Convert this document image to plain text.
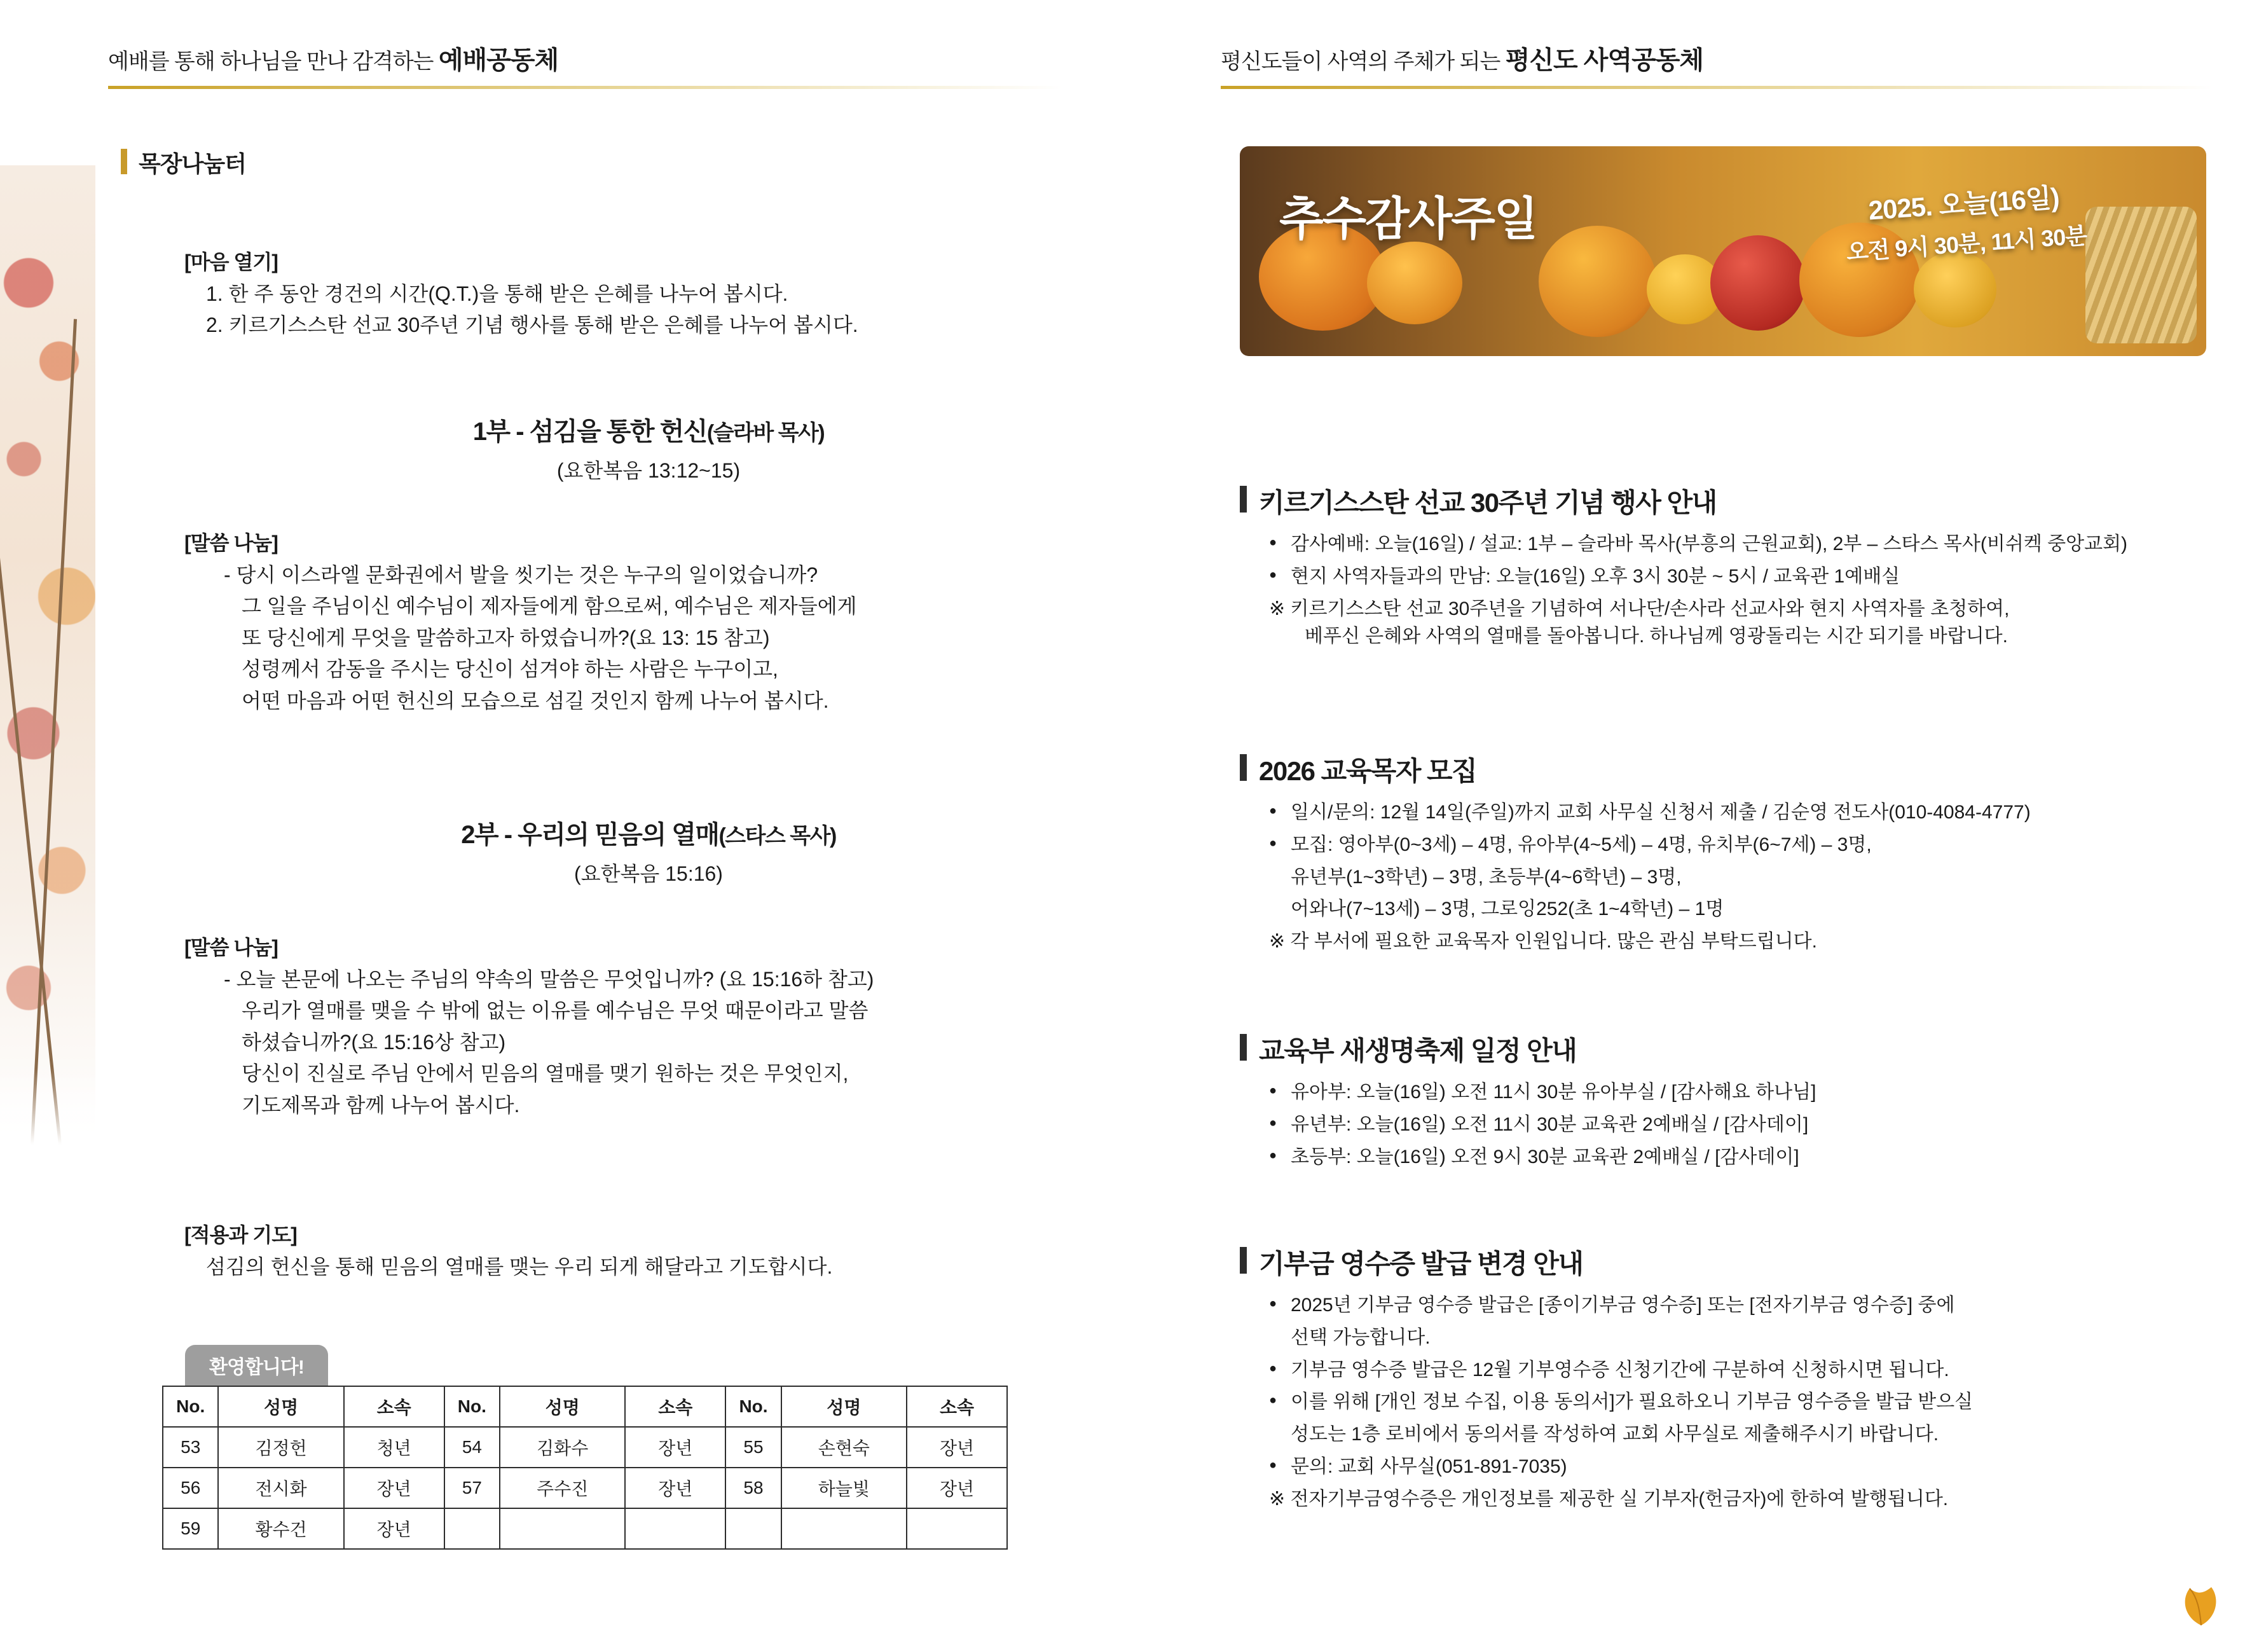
예배를 통해 하나님을 만나 감격하는 예배공동체
목장나눔터
[마음 열기]
1. 한 주 동안 경건의 시간(Q.T.)을 통해 받은 은혜를 나누어 봅시다.
2. 키르기스스탄 선교 30주년 기념 행사를 통해 받은 은혜를 나누어 봅시다.
1부 - 섬김을 통한 헌신(슬라바 목사)
(요한복음 13:12~15)
[말씀 나눔]
- 당시 이스라엘 문화권에서 발을 씻기는 것은 누구의 일이었습니까?
그 일을 주님이신 예수님이 제자들에게 함으로써, 예수님은 제자들에게
또 당신에게 무엇을 말씀하고자 하였습니까?(요 13: 15 참고)
성령께서 감동을 주시는 당신이 섬겨야 하는 사람은 누구이고,
어떤 마음과 어떤 헌신의 모습으로 섬길 것인지 함께 나누어 봅시다.
2부 - 우리의 믿음의 열매(스타스 목사)
(요한복음 15:16)
[말씀 나눔]
- 오늘 본문에 나오는 주님의 약속의 말씀은 무엇입니까? (요 15:16하 참고)
우리가 열매를 맺을 수 밖에 없는 이유를 예수님은 무엇 때문이라고 말씀
하셨습니까?(요 15:16상 참고)
당신이 진실로 주님 안에서 믿음의 열매를 맺기 원하는 것은 무엇인지,
기도제목과 함께 나누어 봅시다.
[적용과 기도]
섬김의 헌신을 통해 믿음의 열매를 맺는 우리 되게 해달라고 기도합시다.
환영합니다!
No.	성명	소속	No.	성명	소속	No.	성명	소속
53	김정헌	청년	54	김화수	장년	55	손현숙	장년
56	전시화	장년	57	주수진	장년	58	하늘빛	장년
59	황수건	장년						
평신도들이 사역의 주체가 되는 평신도 사역공동체
추수감사주일	2025. 오늘(16일)
오전 9시 30분, 11시 30분
키르기스스탄 선교 30주년 기념 행사 안내
● 감사예배: 오늘(16일) / 설교: 1부 – 슬라바 목사(부흥의 근원교회), 2부 – 스타스 목사(비쉬켁 중앙교회)
● 현지 사역자들과의 만남: 오늘(16일) 오후 3시 30분 ~ 5시 / 교육관 1예배실
※ 키르기스스탄 선교 30주년을 기념하여 서나단/손사라 선교사와 현지 사역자를 초청하여,
베푸신 은혜와 사역의 열매를 돌아봅니다. 하나님께 영광돌리는 시간 되기를 바랍니다.
2026 교육목자 모집
● 일시/문의: 12월 14일(주일)까지 교회 사무실 신청서 제출 / 김순영 전도사(010-4084-4777)
● 모집: 영아부(0~3세) – 4명, 유아부(4~5세) – 4명, 유치부(6~7세) – 3명,
유년부(1~3학년) – 3명, 초등부(4~6학년) – 3명,
어와나(7~13세) – 3명, 그로잉252(초 1~4학년) – 1명
※ 각 부서에 필요한 교육목자 인원입니다. 많은 관심 부탁드립니다.
교육부 새생명축제 일정 안내
● 유아부: 오늘(16일) 오전 11시 30분 유아부실 / [감사해요 하나님]
● 유년부: 오늘(16일) 오전 11시 30분 교육관 2예배실 / [감사데이]
● 초등부: 오늘(16일) 오전 9시 30분 교육관 2예배실 / [감사데이]
기부금 영수증 발급 변경 안내
● 2025년 기부금 영수증 발급은 [종이기부금 영수증] 또는 [전자기부금 영수증] 중에
선택 가능합니다.
● 기부금 영수증 발급은 12월 기부영수증 신청기간에 구분하여 신청하시면 됩니다.
● 이를 위해 [개인 정보 수집, 이용 동의서]가 필요하오니 기부금 영수증을 발급 받으실
성도는 1층 로비에서 동의서를 작성하여 교회 사무실로 제출해주시기 바랍니다.
● 문의: 교회 사무실(051-891-7035)
※ 전자기부금영수증은 개인정보를 제공한 실 기부자(헌금자)에 한하여 발행됩니다.
